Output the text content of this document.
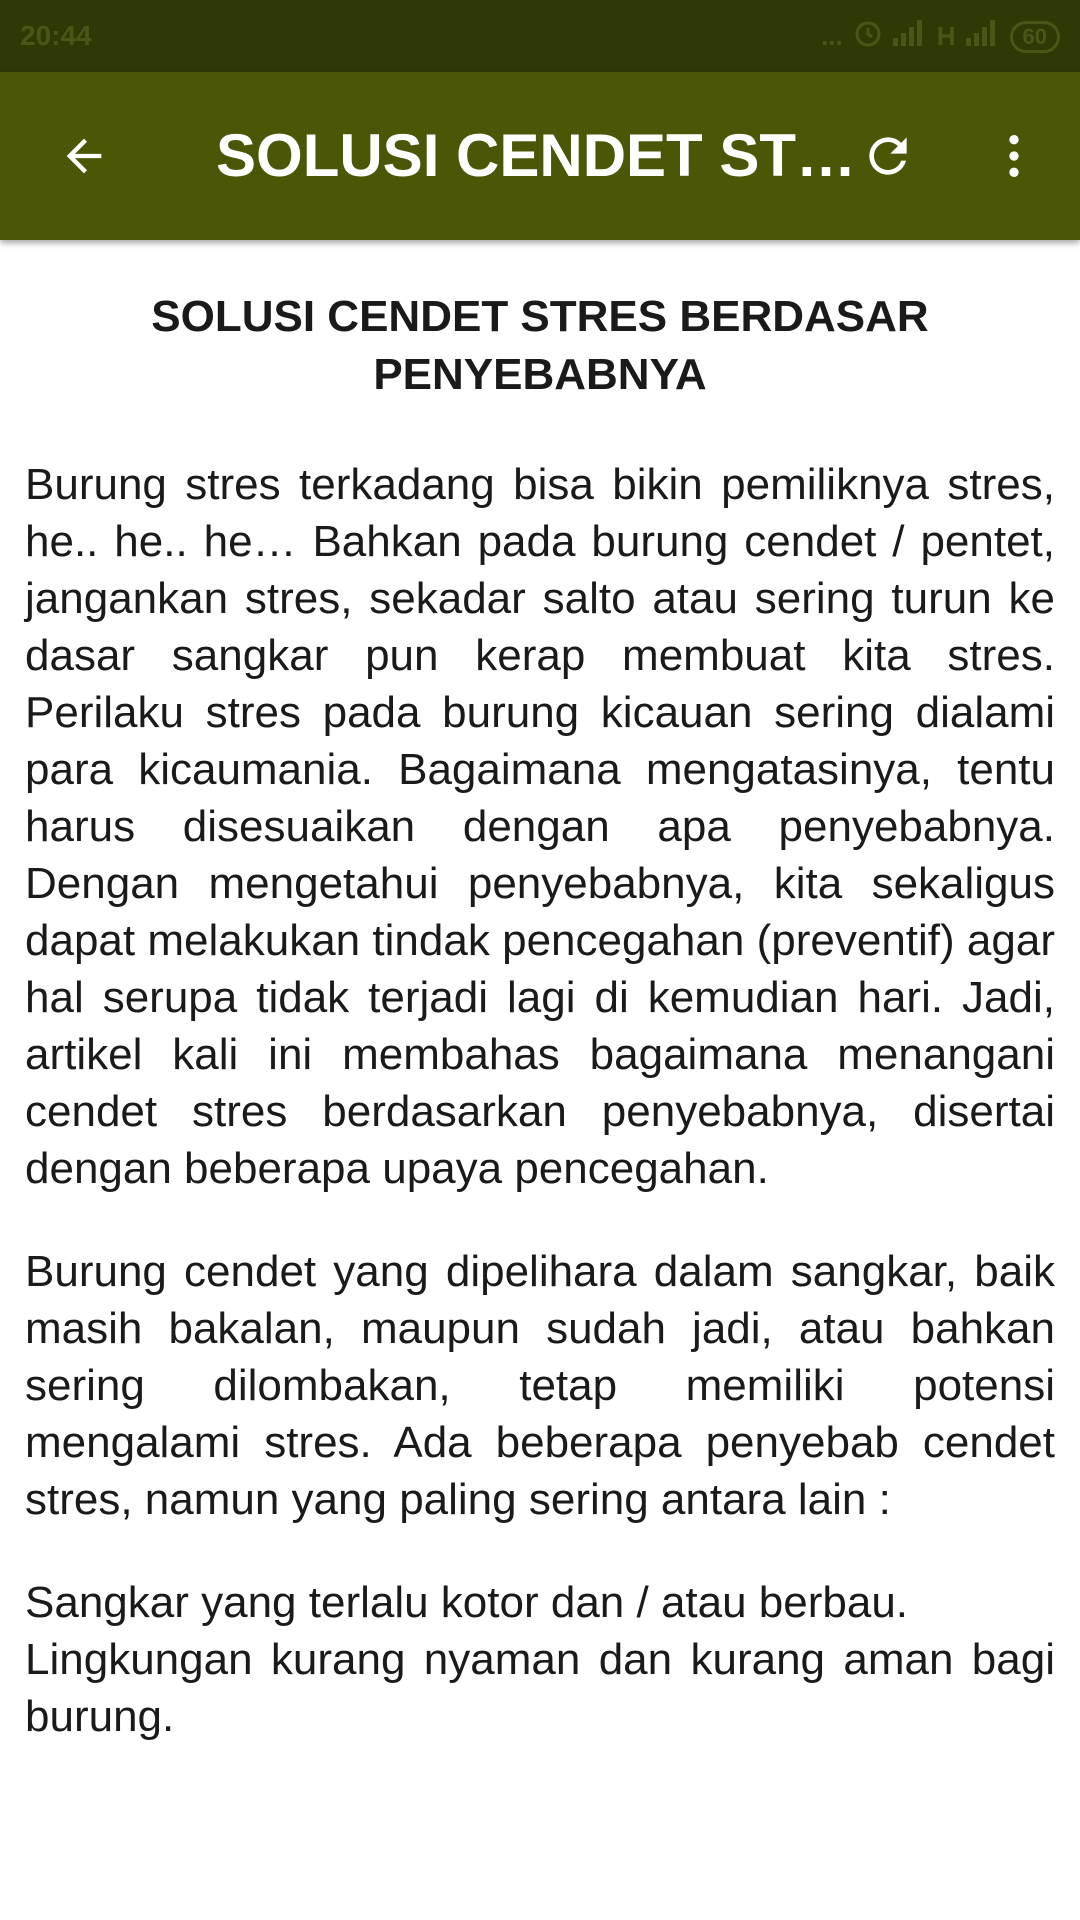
20:44	...	H	60
SOLUSI CENDET ST…
SOLUSI CENDET STRES BERDASAR PENYEBABNYA

Burung stres terkadang bisa bikin pemiliknya stres, he.. he.. he… Bahkan pada burung cendet / pentet, jangankan stres, sekadar salto atau sering turun ke dasar sangkar pun kerap membuat kita stres. Perilaku stres pada burung kicauan sering dialami para kicaumania. Bagaimana mengatasinya, tentu harus disesuaikan dengan apa penyebabnya. Dengan mengetahui penyebabnya, kita sekaligus dapat melakukan tindak pencegahan (preventif) agar hal serupa tidak terjadi lagi di kemudian hari. Jadi, artikel kali ini membahas bagaimana menangani cendet stres berdasarkan penyebabnya, disertai dengan beberapa upaya pencegahan.

Burung cendet yang dipelihara dalam sangkar, baik masih bakalan, maupun sudah jadi, atau bahkan sering dilombakan, tetap memiliki potensi mengalami stres. Ada beberapa penyebab cendet stres, namun yang paling sering antara lain :

Sangkar yang terlalu kotor dan / atau berbau.
Lingkungan kurang nyaman dan kurang aman bagi burung.
